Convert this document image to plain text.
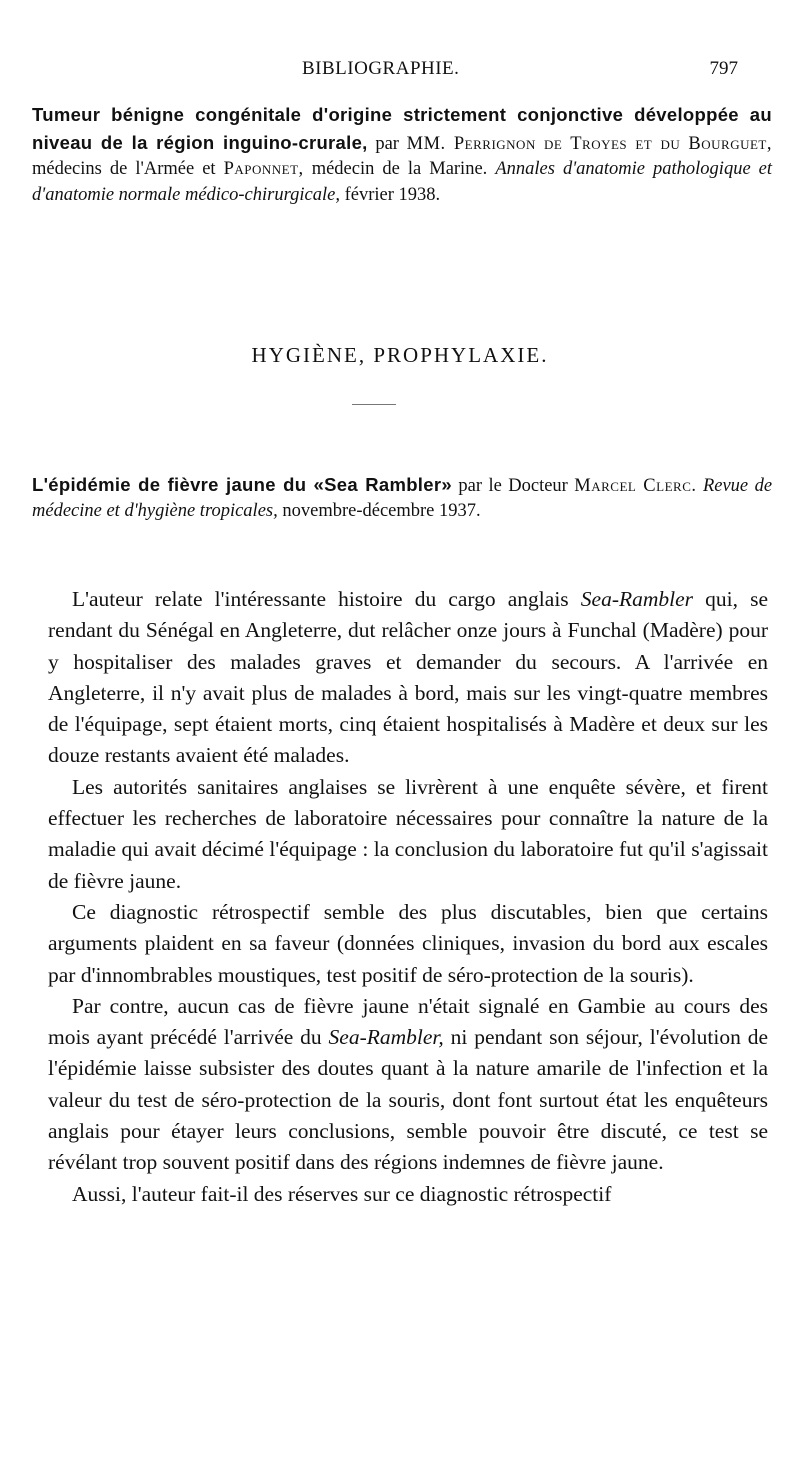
BIBLIOGRAPHIE.	797
Tumeur bénigne congénitale d'origine strictement conjonctive développée au niveau de la région inguino-crurale, par MM. Perrignon de Troyes et du Bourguet, médecins de l'Armée et Paponnet, médecin de la Marine. Annales d'anatomie pathologique et d'anatomie normale médico-chirurgicale, février 1938.
HYGIÈNE, PROPHYLAXIE.
L'épidémie de fièvre jaune du «Sea Rambler» par le Docteur Marcel Clerc. Revue de médecine et d'hygiène tropicales, novembre-décembre 1937.

L'auteur relate l'intéressante histoire du cargo anglais Sea-Rambler qui, se rendant du Sénégal en Angleterre, dut relâcher onze jours à Funchal (Madère) pour y hospitaliser des malades graves et demander du secours. A l'arrivée en Angleterre, il n'y avait plus de malades à bord, mais sur les vingt-quatre membres de l'équipage, sept étaient morts, cinq étaient hospitalisés à Madère et deux sur les douze restants avaient été malades.

Les autorités sanitaires anglaises se livrèrent à une enquête sévère, et firent effectuer les recherches de laboratoire nécessaires pour connaître la nature de la maladie qui avait décimé l'équipage : la conclusion du laboratoire fut qu'il s'agissait de fièvre jaune.

Ce diagnostic rétrospectif semble des plus discutables, bien que certains arguments plaident en sa faveur (données cliniques, invasion du bord aux escales par d'innombrables moustiques, test positif de séro-protection de la souris).

Par contre, aucun cas de fièvre jaune n'était signalé en Gambie au cours des mois ayant précédé l'arrivée du Sea-Rambler, ni pendant son séjour, l'évolution de l'épidémie laisse subsister des doutes quant à la nature amarile de l'infection et la valeur du test de séro-protection de la souris, dont font surtout état les enquêteurs anglais pour étayer leurs conclusions, semble pouvoir être discuté, ce test se révélant trop souvent positif dans des régions indemnes de fièvre jaune.

Aussi, l'auteur fait-il des réserves sur ce diagnostic rétrospectif
